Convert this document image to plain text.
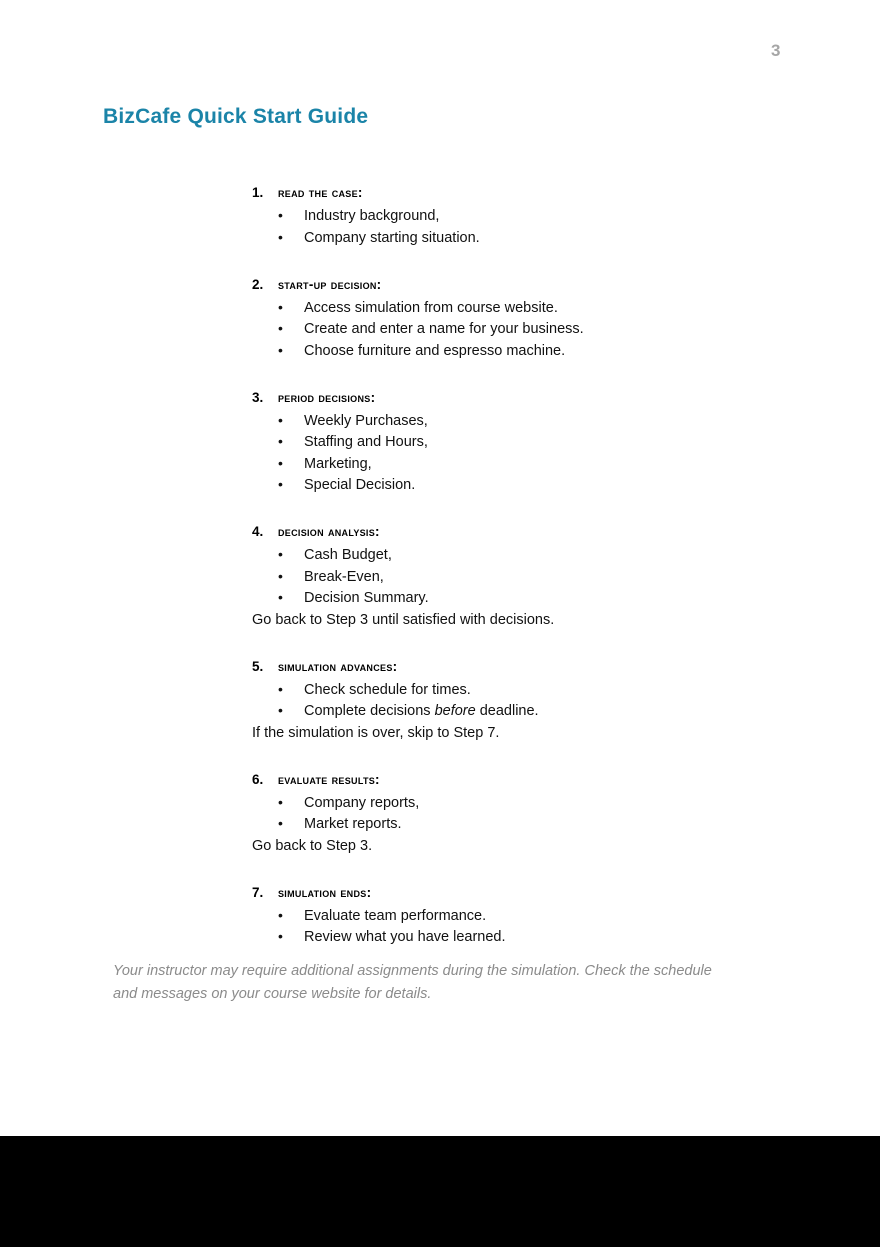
3
BizCafe Quick Start Guide
1. read the case:
• Industry background,
• Company starting situation.
2. start-up decision:
• Access simulation from course website.
• Create and enter a name for your business.
• Choose furniture and espresso machine.
3. period decisions:
• Weekly Purchases,
• Staffing and Hours,
• Marketing,
• Special Decision.
4. decision analysis:
• Cash Budget,
• Break-Even,
• Decision Summary.
Go back to Step 3 until satisfied with decisions.
5. simulation advances:
• Check schedule for times.
• Complete decisions before deadline.
If the simulation is over, skip to Step 7.
6. evaluate results:
• Company reports,
• Market reports.
Go back to Step 3.
7. simulation ends:
• Evaluate team performance.
• Review what you have learned.
Your instructor may require additional assignments during the simulation. Check the schedule and messages on your course website for details.
